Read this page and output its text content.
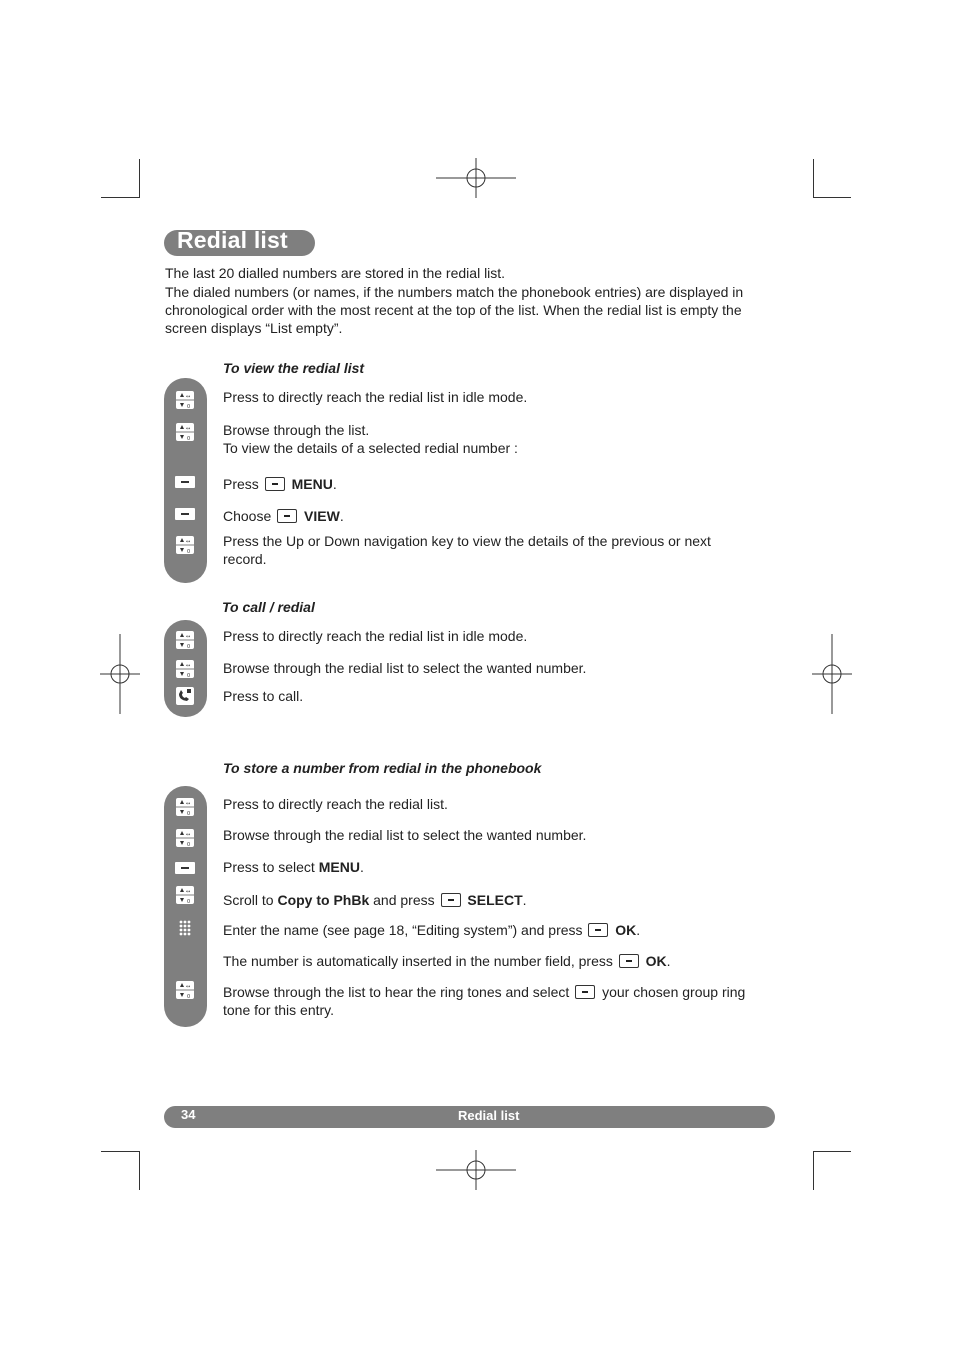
Redial list
The last 20 dialled numbers are stored in the redial list.
The dialed numbers (or names, if the numbers match the phonebook entries) are displayed in chronological order with the most recent at the top of the list. When the redial list is empty the screen displays “List empty”.
To view the redial list
↔
0
Press to directly reach the redial list in idle mode.
↔
0
Browse through the list.
To view the details of a selected redial number :
Press MENU.
Choose VIEW.
↔
0
Press the Up or Down navigation key to view the details of the previous or next record.
To call / redial
↔
0
Press to directly reach the redial list in idle mode.
↔
0 Browse through the redial list to select the wanted number.
Press to call.
To store a number from redial in the phonebook
↔
0
Press to directly reach the redial list.
↔
0
Browse through the redial list to select the wanted number.
Press to select MENU.
↔
0 Scroll to Copy to PhBk and press SELECT.
Enter the name (see page 18, “Editing system”) and press OK.
The number is automatically inserted in the number field, press OK.
↔
0 Browse through the list to hear the ring tones and select your chosen group ring tone for this entry.
34	Redial list
